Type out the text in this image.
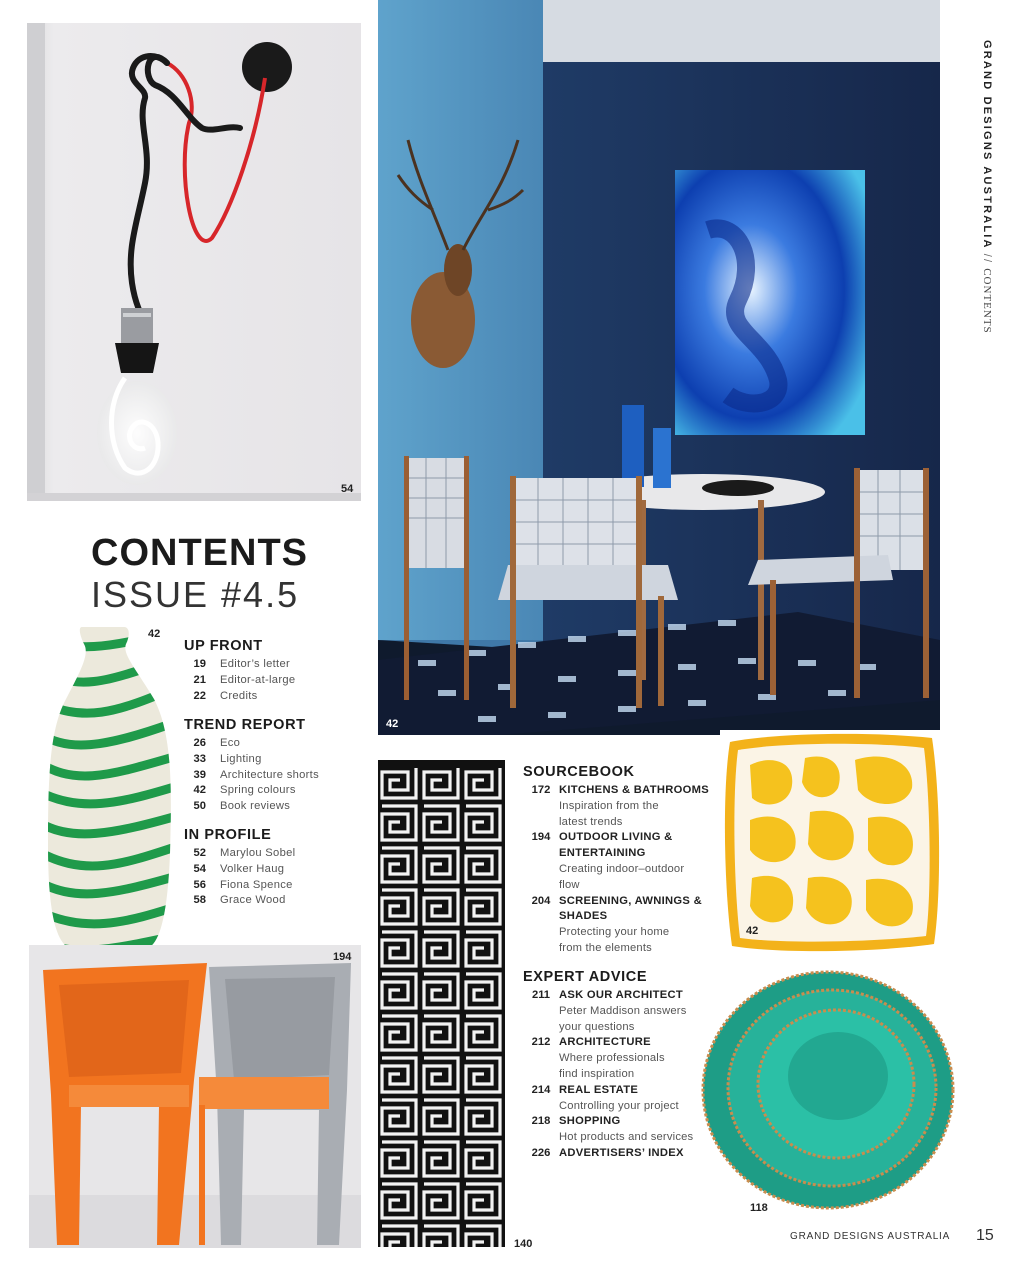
54
42
GRAND DESIGNS AUSTRALIA//CONTENTS
CONTENTS
ISSUE #4.5
42
UP FRONT
19	Editor’s letter
21	Editor-at-large
22	Credits
TREND REPORT
26	Eco
33	Lighting
39	Architecture shorts
42	Spring colours
50	Book reviews
IN PROFILE
52	Marylou Sobel
54	Volker Haug
56	Fiona Spence
58	Grace Wood
194
140
SOURCEBOOK
172 KITCHENS & BATHROOMS
Inspiration from the latest trends
194 OUTDOOR LIVING & ENTERTAINING
Creating indoor–outdoor flow
204 SCREENING, AWNINGS & SHADES
Protecting your home from the elements
EXPERT ADVICE
211 ASK OUR ARCHITECT
Peter Maddison answers your questions
212 ARCHITECTURE
Where professionals find inspiration
214 REAL ESTATE
Controlling your project
218 SHOPPING
Hot products and services
226 ADVERTISERS’ INDEX
42
118
GRAND DESIGNS AUSTRALIA 15
